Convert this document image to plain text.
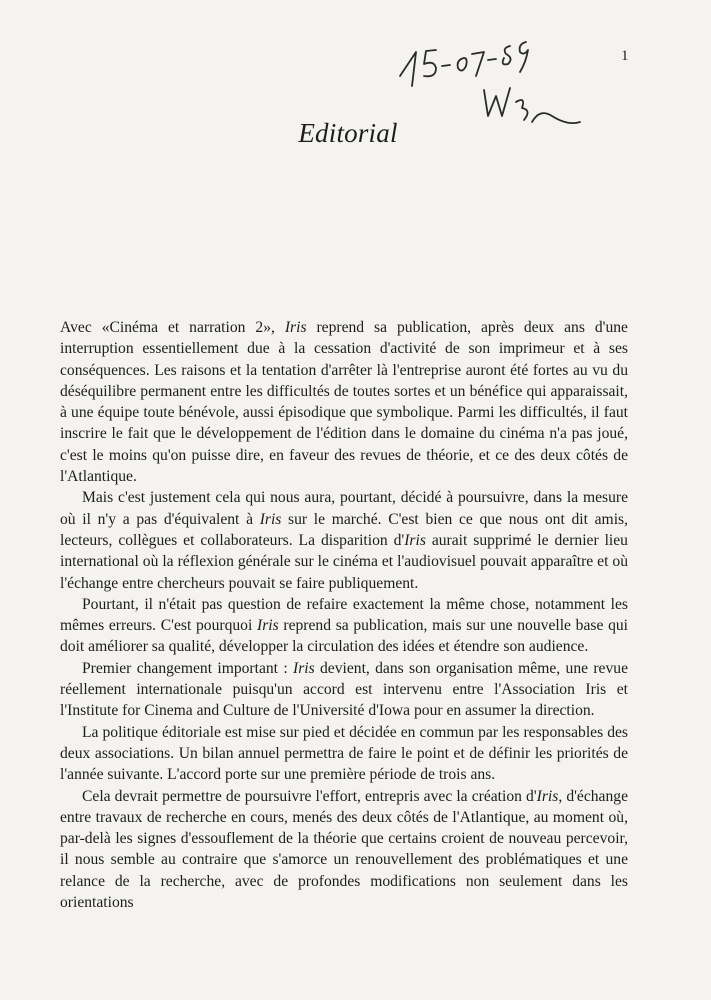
1
Editorial

Avec «Cinéma et narration 2», Iris reprend sa publication, après deux ans d'une interruption essentiellement due à la cessation d'activité de son imprimeur et à ses conséquences. Les raisons et la tentation d'arrêter là l'entreprise auront été fortes au vu du déséquilibre permanent entre les difficultés de toutes sortes et un bénéfice qui apparaissait, à une équipe toute bénévole, aussi épisodique que symbolique. Parmi les difficultés, il faut inscrire le fait que le développement de l'édition dans le domaine du cinéma n'a pas joué, c'est le moins qu'on puisse dire, en faveur des revues de théorie, et ce des deux côtés de l'Atlantique.

Mais c'est justement cela qui nous aura, pourtant, décidé à poursuivre, dans la mesure où il n'y a pas d'équivalent à Iris sur le marché. C'est bien ce que nous ont dit amis, lecteurs, collègues et collaborateurs. La disparition d'Iris aurait supprimé le dernier lieu international où la réflexion générale sur le cinéma et l'audiovisuel pouvait apparaître et où l'échange entre chercheurs pouvait se faire publiquement.

Pourtant, il n'était pas question de refaire exactement la même chose, notamment les mêmes erreurs. C'est pourquoi Iris reprend sa publication, mais sur une nouvelle base qui doit améliorer sa qualité, développer la circulation des idées et étendre son audience.

Premier changement important : Iris devient, dans son organisation même, une revue réellement internationale puisqu'un accord est intervenu entre l'Association Iris et l'Institute for Cinema and Culture de l'Université d'Iowa pour en assumer la direction.

La politique éditoriale est mise sur pied et décidée en commun par les responsables des deux associations. Un bilan annuel permettra de faire le point et de définir les priorités de l'année suivante. L'accord porte sur une première période de trois ans.

Cela devrait permettre de poursuivre l'effort, entrepris avec la création d'Iris, d'échange entre travaux de recherche en cours, menés des deux côtés de l'Atlantique, au moment où, par-delà les signes d'essouflement de la théorie que certains croient de nouveau percevoir, il nous semble au contraire que s'amorce un renouvellement des problématiques et une relance de la recherche, avec de profondes modifications non seulement dans les orientations
